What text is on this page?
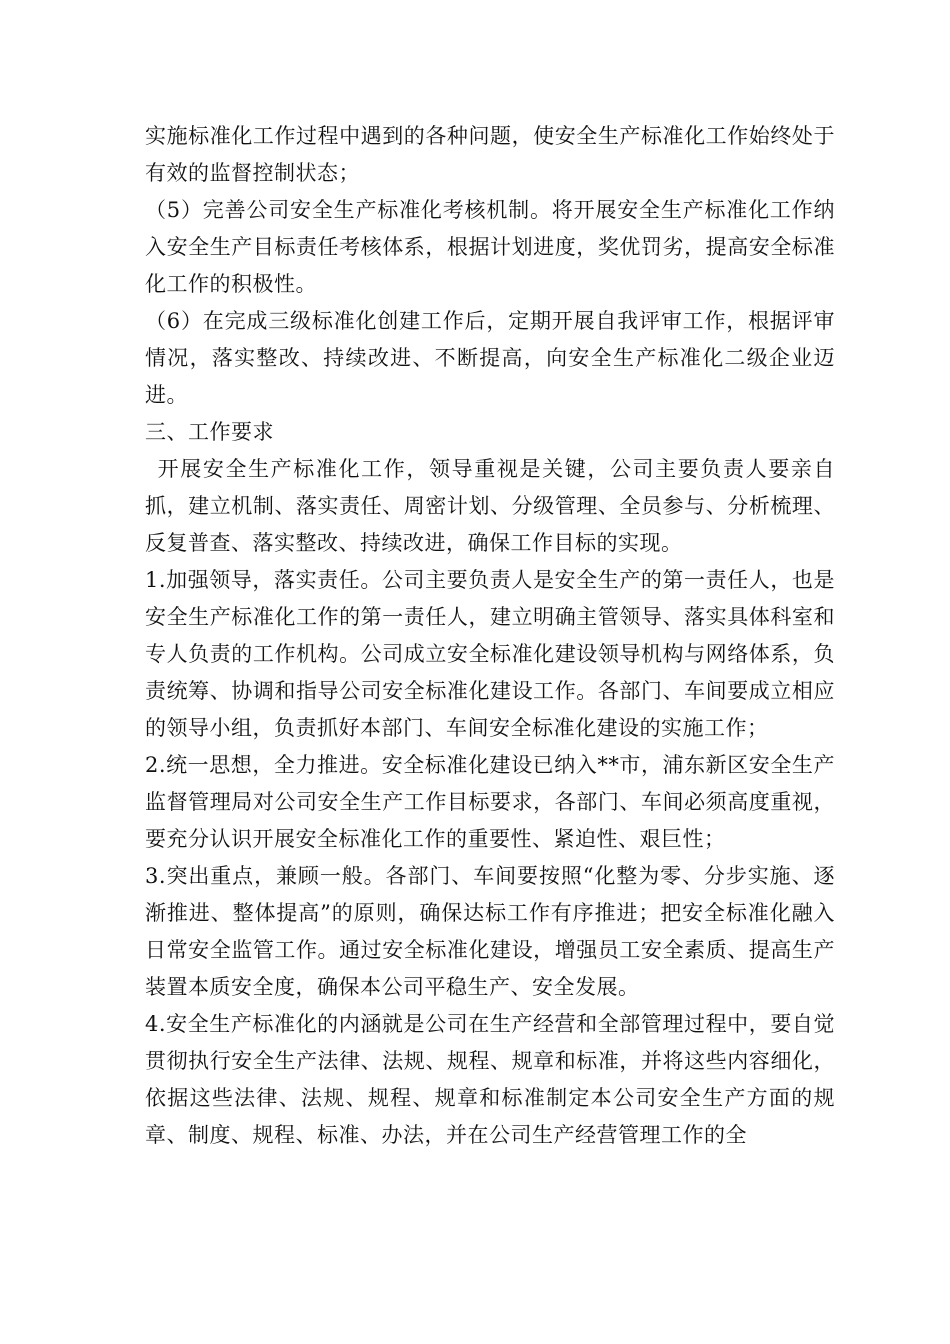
实施标准化工作过程中遇到的各种问题，使安全生产标准化工作始终处于有效的监督控制状态；

（5）完善公司安全生产标准化考核机制。将开展安全生产标准化工作纳入安全生产目标责任考核体系，根据计划进度，奖优罚劣，提高安全标准化工作的积极性。

（6）在完成三级标准化创建工作后，定期开展自我评审工作，根据评审情况，落实整改、持续改进、不断提高，向安全生产标准化二级企业迈进。

三、工作要求

开展安全生产标准化工作，领导重视是关键，公司主要负责人要亲自抓，建立机制、落实责任、周密计划、分级管理、全员参与、分析梳理、反复普查、落实整改、持续改进，确保工作目标的实现。

1.加强领导，落实责任。公司主要负责人是安全生产的第一责任人，也是安全生产标准化工作的第一责任人，建立明确主管领导、落实具体科室和专人负责的工作机构。公司成立安全标准化建设领导机构与网络体系，负责统筹、协调和指导公司安全标准化建设工作。各部门、车间要成立相应的领导小组，负责抓好本部门、车间安全标准化建设的实施工作；

2.统一思想，全力推进。安全标准化建设已纳入**市，浦东新区安全生产监督管理局对公司安全生产工作目标要求，各部门、车间必须高度重视，要充分认识开展安全标准化工作的重要性、紧迫性、艰巨性；

3.突出重点，兼顾一般。各部门、车间要按照“化整为零、分步实施、逐渐推进、整体提高”的原则，确保达标工作有序推进；把安全标准化融入日常安全监管工作。通过安全标准化建设，增强员工安全素质、提高生产装置本质安全度，确保本公司平稳生产、安全发展。

4.安全生产标准化的内涵就是公司在生产经营和全部管理过程中，要自觉贯彻执行安全生产法律、法规、规程、规章和标准，并将这些内容细化，依据这些法律、法规、规程、规章和标准制定本公司安全生产方面的规章、制度、规程、标准、办法，并在公司生产经营管理工作的全
